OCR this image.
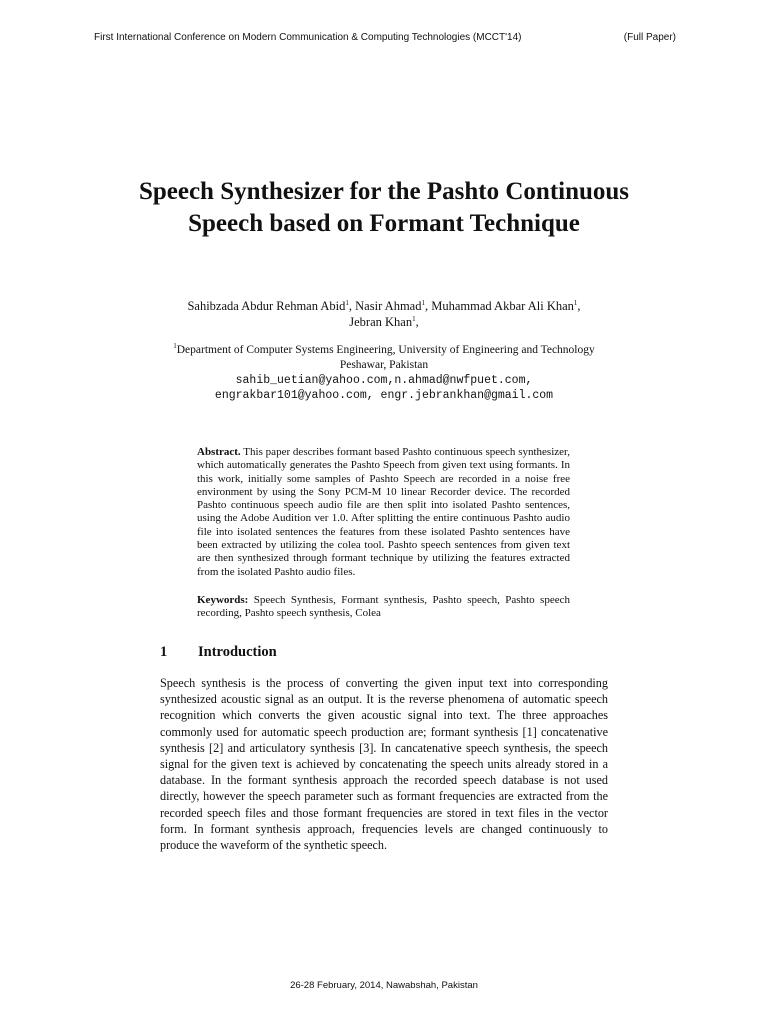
First International Conference on Modern Communication & Computing Technologies (MCCT'14)	(Full Paper)
Speech Synthesizer for the Pashto Continuous Speech based on Formant Technique
Sahibzada Abdur Rehman Abid$^1$, Nasir Ahmad$^1$, Muhammad Akbar Ali Khan$^1$,
Jebran Khan$^1$,
$^1$Department of Computer Systems Engineering, University of Engineering and Technology
Peshawar, Pakistan
sahib_uetian@yahoo.com,n.ahmad@nwfpuet.com,
engrakbar101@yahoo.com, engr.jebrankhan@gmail.com
Abstract. This paper describes formant based Pashto continuous speech synthesizer, which automatically generates the Pashto Speech from given text using formants. In this work, initially some samples of Pashto Speech are recorded in a noise free environment by using the Sony PCM-M 10 linear Recorder device. The recorded Pashto continuous speech audio file are then split into isolated Pashto sentences, using the Adobe Audition ver 1.0. After splitting the entire continuous Pashto audio file into isolated sentences the features from these isolated Pashto sentences have been extracted by utilizing the colea tool. Pashto speech sentences from given text are then synthesized through formant technique by utilizing the features extracted from the isolated Pashto audio files.
Keywords: Speech Synthesis, Formant synthesis, Pashto speech, Pashto speech recording, Pashto speech synthesis, Colea
1	Introduction
Speech synthesis is the process of converting the given input text into corresponding synthesized acoustic signal as an output. It is the reverse phenomena of automatic speech recognition which converts the given acoustic signal into text. The three approaches commonly used for automatic speech production are; formant synthesis [1] concatenative synthesis [2] and articulatory synthesis [3]. In cancatenative speech synthesis, the speech signal for the given text is achieved by concatenating the speech units already stored in a database. In the formant synthesis approach the recorded speech database is not used directly, however the speech parameter such as formant frequencies are extracted from the recorded speech files and those formant frequencies are stored in text files in the vector form. In formant synthesis approach, frequencies levels are changed continuously to produce the waveform of the synthetic speech.
26-28 February, 2014, Nawabshah, Pakistan
